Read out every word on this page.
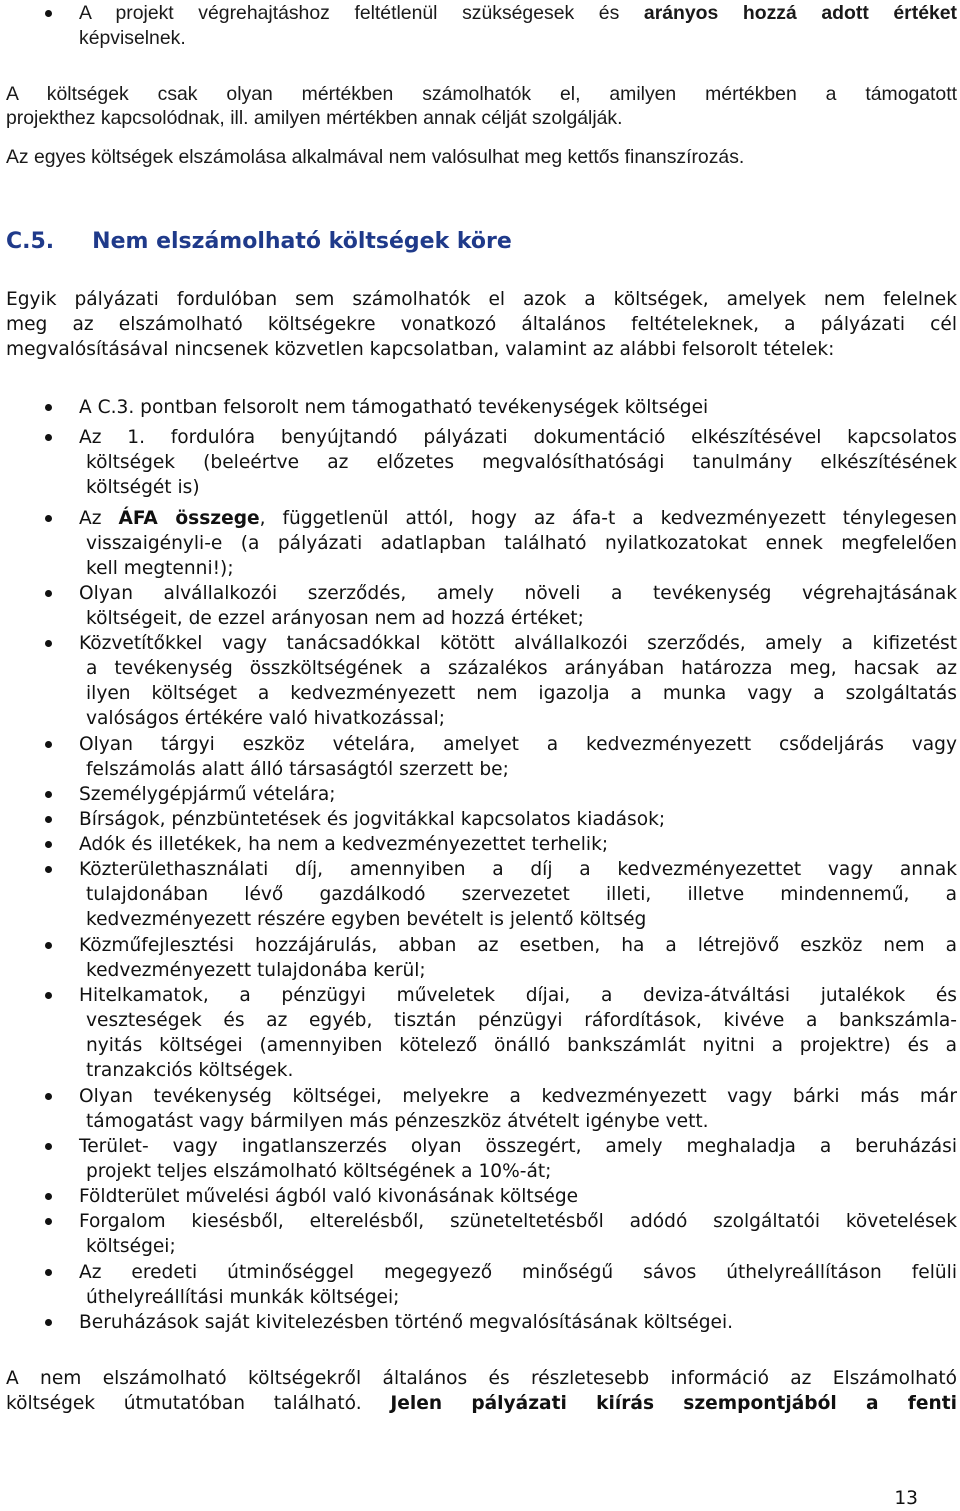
A projekt végrehajtáshoz feltétlenül szükségesek és arányos hozzá adott értéket
képviselnek.
A költségek csak olyan mértékben számolhatók el, amilyen mértékben a támogatott
projekthez kapcsolódnak, ill. amilyen mértékben annak célját szolgálják.
Az egyes költségek elszámolása alkalmával nem valósulhat meg kettős finanszírozás.
C.5. Nem elszámolható költségek köre
Egyik pályázati fordulóban sem számolhatók el azok a költségek, amelyek nem felelnek
meg az elszámolható költségekre vonatkozó általános feltételeknek, a pályázati cél
megvalósításával nincsenek közvetlen kapcsolatban, valamint az alábbi felsorolt tételek:
A C.3. pontban felsorolt nem támogatható tevékenységek költségei
Az 1. fordulóra benyújtandó pályázati dokumentáció elkészítésével kapcsolatos
költségek (beleértve az előzetes megvalósíthatósági tanulmány elkészítésének
költségét is)
Az ÁFA összege, függetlenül attól, hogy az áfa-t a kedvezményezett ténylegesen
visszaigényli-e (a pályázati adatlapban található nyilatkozatokat ennek megfelelően
kell megtenni!);
Olyan alvállalkozói szerződés, amely növeli a tevékenység végrehajtásának
költségeit, de ezzel arányosan nem ad hozzá értéket;
Közvetítőkkel vagy tanácsadókkal kötött alvállalkozói szerződés, amely a kifizetést
a tevékenység összköltségének a százalékos arányában határozza meg, hacsak az
ilyen költséget a kedvezményezett nem igazolja a munka vagy a szolgáltatás
valóságos értékére való hivatkozással;
Olyan tárgyi eszköz vételára, amelyet a kedvezményezett csődeljárás vagy
felszámolás alatt álló társaságtól szerzett be;
Személygépjármű vételára;
Bírságok, pénzbüntetések és jogvitákkal kapcsolatos kiadások;
Adók és illetékek, ha nem a kedvezményezettet terhelik;
Közterülethasználati díj, amennyiben a díj a kedvezményezettet vagy annak
tulajdonában lévő gazdálkodó szervezetet illeti, illetve mindennemű, a
kedvezményezett részére egyben bevételt is jelentő költség
Közműfejlesztési hozzájárulás, abban az esetben, ha a létrejövő eszköz nem a
kedvezményezett tulajdonába kerül;
Hitelkamatok, a pénzügyi műveletek díjai, a deviza-átváltási jutalékok és
veszteségek és az egyéb, tisztán pénzügyi ráfordítások, kivéve a bankszámla-
nyitás költségei (amennyiben kötelező önálló bankszámlát nyitni a projektre) és a
tranzakciós költségek.
Olyan tevékenység költségei, melyekre a kedvezményezett vagy bárki más már
támogatást vagy bármilyen más pénzeszköz átvételt igénybe vett.
Terület- vagy ingatlanszerzés olyan összegért, amely meghaladja a beruházási
projekt teljes elszámolható költségének a 10%-át;
Földterület művelési ágból való kivonásának költsége
Forgalom kiesésből, elterelésből, szüneteltetésből adódó szolgáltatói követelések
költségei;
Az eredeti útminőséggel megegyező minőségű sávos úthelyreállításon felüli
úthelyreállítási munkák költségei;
Beruházások saját kivitelezésben történő megvalósításának költségei.
A nem elszámolható költségekről általános és részletesebb információ az Elszámolható
költségek útmutatóban található. Jelen pályázati kiírás szempontjából a fenti
13
